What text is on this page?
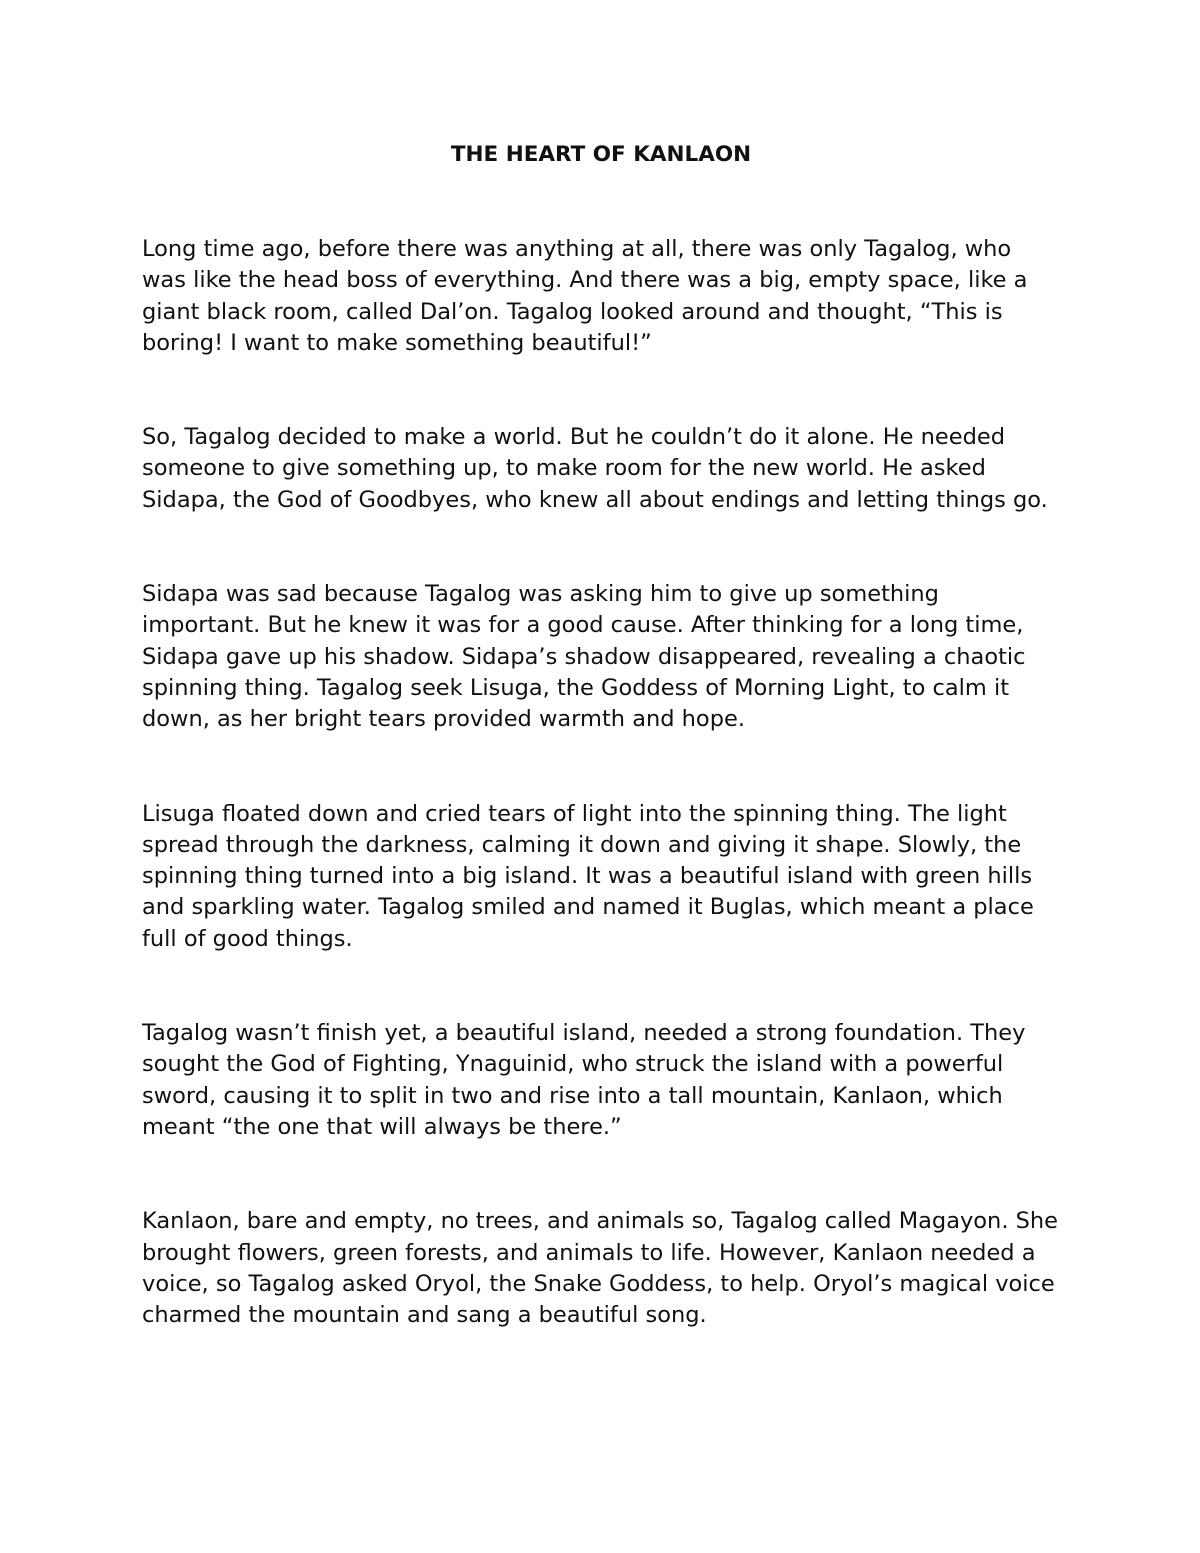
THE HEART OF KANLAON

Long time ago, before there was anything at all, there was only Tagalog, who was like the head boss of everything. And there was a big, empty space, like a giant black room, called Dal’on. Tagalog looked around and thought, “This is boring! I want to make something beautiful!”

So, Tagalog decided to make a world. But he couldn’t do it alone. He needed someone to give something up, to make room for the new world. He asked Sidapa, the God of Goodbyes, who knew all about endings and letting things go.

Sidapa was sad because Tagalog was asking him to give up something important. But he knew it was for a good cause. After thinking for a long time, Sidapa gave up his shadow. Sidapa’s shadow disappeared, revealing a chaotic spinning thing. Tagalog seek Lisuga, the Goddess of Morning Light, to calm it down, as her bright tears provided warmth and hope.

Lisuga floated down and cried tears of light into the spinning thing. The light spread through the darkness, calming it down and giving it shape. Slowly, the spinning thing turned into a big island. It was a beautiful island with green hills and sparkling water. Tagalog smiled and named it Buglas, which meant a place full of good things.

Tagalog wasn’t finish yet, a beautiful island, needed a strong foundation. They sought the God of Fighting, Ynaguinid, who struck the island with a powerful sword, causing it to split in two and rise into a tall mountain, Kanlaon, which meant “the one that will always be there.”

Kanlaon, bare and empty, no trees, and animals so, Tagalog called Magayon. She brought flowers, green forests, and animals to life. However, Kanlaon needed a voice, so Tagalog asked Oryol, the Snake Goddess, to help. Oryol’s magical voice charmed the mountain and sang a beautiful song.
